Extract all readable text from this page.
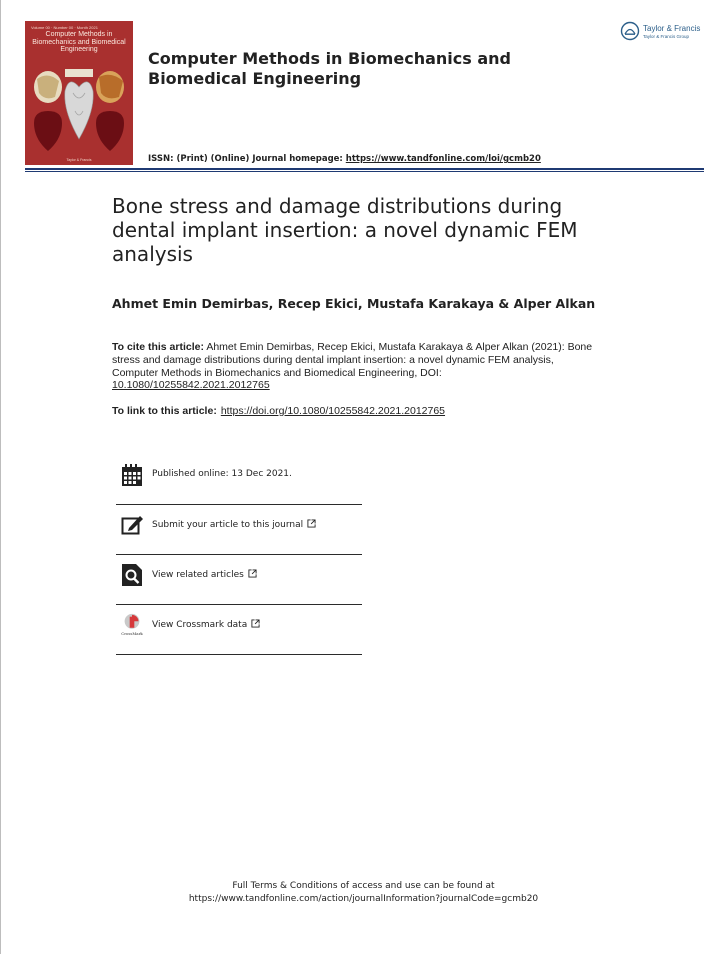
Volume 00 · Number 00 · Month 2021
Computer Methods in Biomechanics and Biomedical Engineering
Taylor & Francis
Computer Methods in Biomechanics and Biomedical Engineering
ISSN: (Print) (Online) Journal homepage: https://www.tandfonline.com/loi/gcmb20
Taylor & Francis
Taylor & Francis Group
Bone stress and damage distributions during dental implant insertion: a novel dynamic FEM analysis
Ahmet Emin Demirbas, Recep Ekici, Mustafa Karakaya & Alper Alkan
To cite this article: Ahmet Emin Demirbas, Recep Ekici, Mustafa Karakaya & Alper Alkan (2021): Bone stress and damage distributions during dental implant insertion: a novel dynamic FEM analysis, Computer Methods in Biomechanics and Biomedical Engineering, DOI: 10.1080/10255842.2021.2012765
To link to this article: https://doi.org/10.1080/10255842.2021.2012765
Published online: 13 Dec 2021.
Submit your article to this journal
View related articles
CrossMark
View Crossmark data
Full Terms & Conditions of access and use can be found at
https://www.tandfonline.com/action/journalInformation?journalCode=gcmb20
